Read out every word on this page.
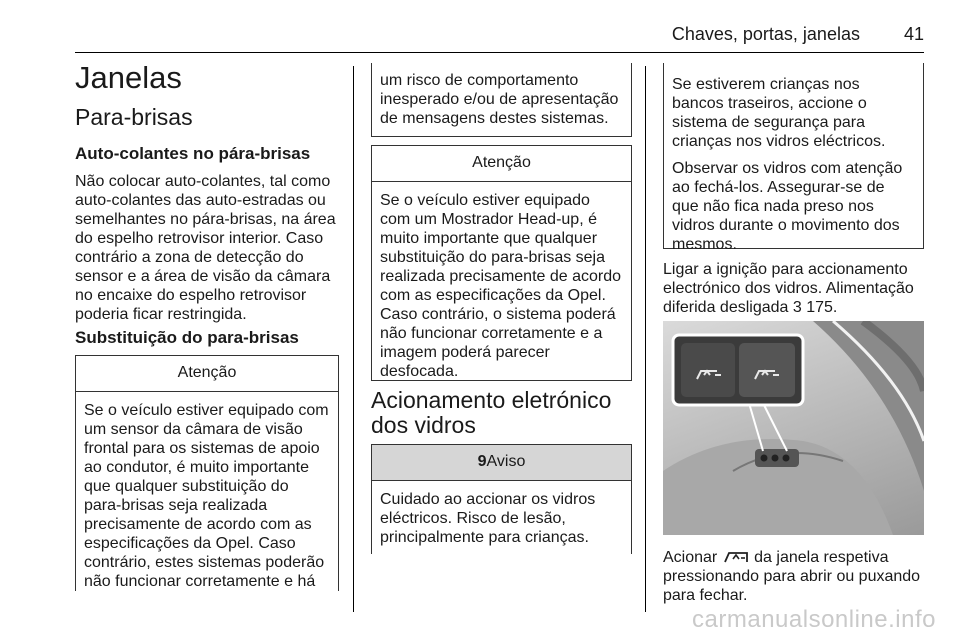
Chaves, portas, janelas 41
Janelas
Para-brisas
Auto-colantes no pára-brisas
Não colocar auto-colantes, tal como auto-colantes das auto-estradas ou semelhantes no pára-brisas, na área do espelho retrovisor interior. Caso contrário a zona de detecção do sensor e a área de visão da câmara no encaixe do espelho retrovisor poderia ficar restringida.
Substituição do para-brisas
Atenção
Se o veículo estiver equipado com um sensor da câmara de visão frontal para os sistemas de apoio ao condutor, é muito importante que qualquer substituição do para-brisas seja realizada precisamente de acordo com as especificações da Opel. Caso contrário, estes sistemas poderão não funcionar corretamente e há
um risco de comportamento inesperado e/ou de apresentação de mensagens destes sistemas.
Atenção
Se o veículo estiver equipado com um Mostrador Head-up, é muito importante que qualquer substituição do para-brisas seja realizada precisamente de acordo com as especificações da Opel. Caso contrário, o sistema poderá não funcionar corretamente e a imagem poderá parecer desfocada.
Acionamento eletrónico dos vidros
9Aviso
Cuidado ao accionar os vidros eléctricos. Risco de lesão, principalmente para crianças.

Se estiverem crianças nos bancos traseiros, accione o sistema de segurança para crianças nos vidros eléctricos.

Observar os vidros com atenção ao fechá-los. Assegurar-se de que não fica nada preso nos vidros durante o movimento dos mesmos.

Ligar a ignição para accionamento electrónico dos vidros. Alimentação diferida desligada 3 175.
Acionar da janela respetiva pressionando para abrir ou puxando para fechar.
carmanualsonline.info
